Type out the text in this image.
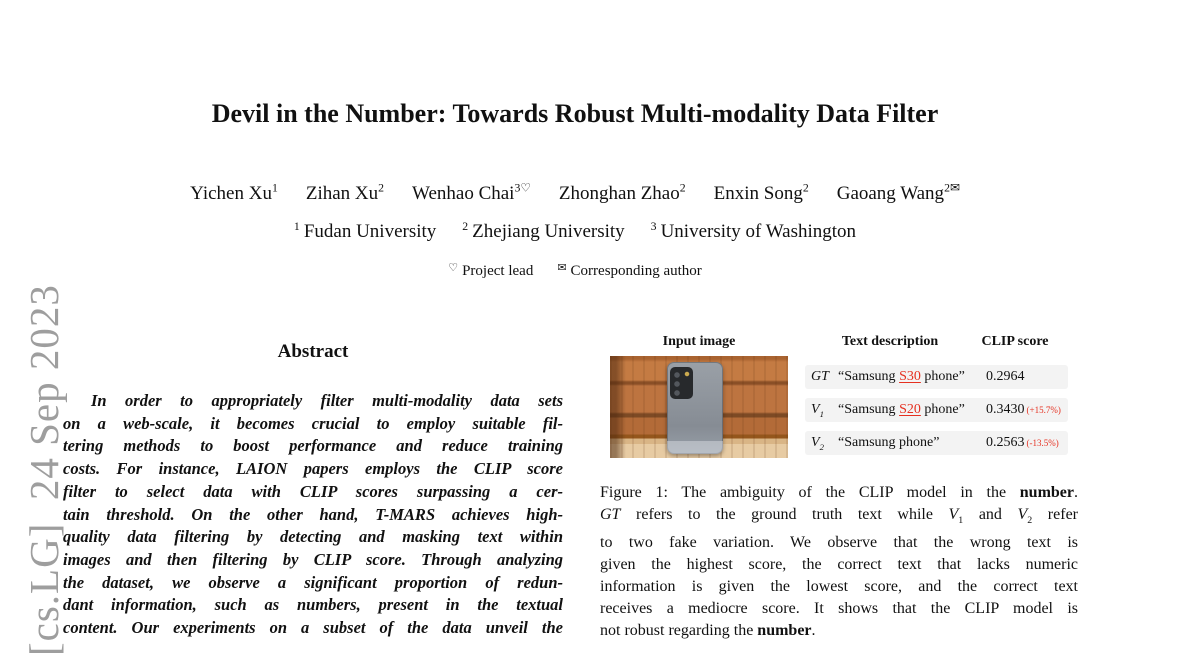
[cs.LG]  24 Sep 2023
Devil in the Number: Towards Robust Multi-modality Data Filter
Yichen Xu$^1$ Zihan Xu$^2$ Wenhao Chai$^{3♡}$ Zhonghan Zhao$^2$ Enxin Song$^2$ Gaoang Wang$^{2✉}$
$^1$ Fudan University $^2$ Zhejiang University $^3$ University of Washington
♡ Project lead ✉ Corresponding author
Abstract
In order to appropriately filter multi-modality data sets
on a web-scale, it becomes crucial to employ suitable fil-
tering methods to boost performance and reduce training
costs. For instance, LAION papers employs the CLIP score
filter to select data with CLIP scores surpassing a cer-
tain threshold. On the other hand, T-MARS achieves high-
quality data filtering by detecting and masking text within
images and then filtering by CLIP score. Through analyzing
the dataset, we observe a significant proportion of redun-
dant information, such as numbers, present in the textual
content. Our experiments on a subset of the data unveil the
Input image	Text description	CLIP score
GT “Samsung S30 phone” 0.2964
$V_1$ “Samsung S20 phone” 0.3430 (+15.7%)
$V_2$ “Samsung phone”	0.2563 (-13.5%)
Figure 1: The ambiguity of the CLIP model in the number.
GT refers to the ground truth text while $V_1$ and $V_2$ refer
to two fake variation. We observe that the wrong text is
given the highest score, the correct text that lacks numeric
information is given the lowest score, and the correct text
receives a mediocre score. It shows that the CLIP model is
not robust regarding the number.
